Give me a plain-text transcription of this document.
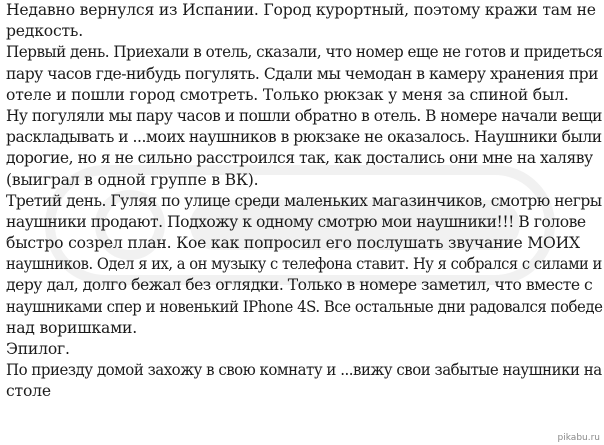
Недавно вернулся из Испании. Город курортный, поэтому кражи там не
редкость.
Первый день. Приехали в отель, сказали, что номер еще не готов и придеться
пару часов где-нибудь погулять. Сдали мы чемодан в камеру хранения при
отеле и пошли город смотреть. Только рюкзак у меня за спиной был.
Ну погуляли мы пару часов и пошли обратно в отель. В номере начали вещи
раскладывать и ...моих наушников в рюкзаке не оказалось. Наушники были
дорогие, но я не сильно расстроился так, как достались они мне на халяву
(выиграл в одной группе в ВК).
Третий день. Гуляя по улице среди маленьких магазинчиков, смотрю негры
наушники продают. Подхожу к одному смотрю мои наушники!!! В голове
быстро созрел план. Кое как попросил его послушать звучание МОИХ
наушников. Одел я их, а он музыку с телефона ставит. Ну я собрался с силами и
деру дал, долго бежал без оглядки. Только в номере заметил, что вместе с
наушниками спер и новенький IPhone 4S. Все остальные дни радовался победе
над воришками.
Эпилог.
По приезду домой захожу в свою комнату и ...вижу свои забытые наушники на
столе
pikabu.ru
